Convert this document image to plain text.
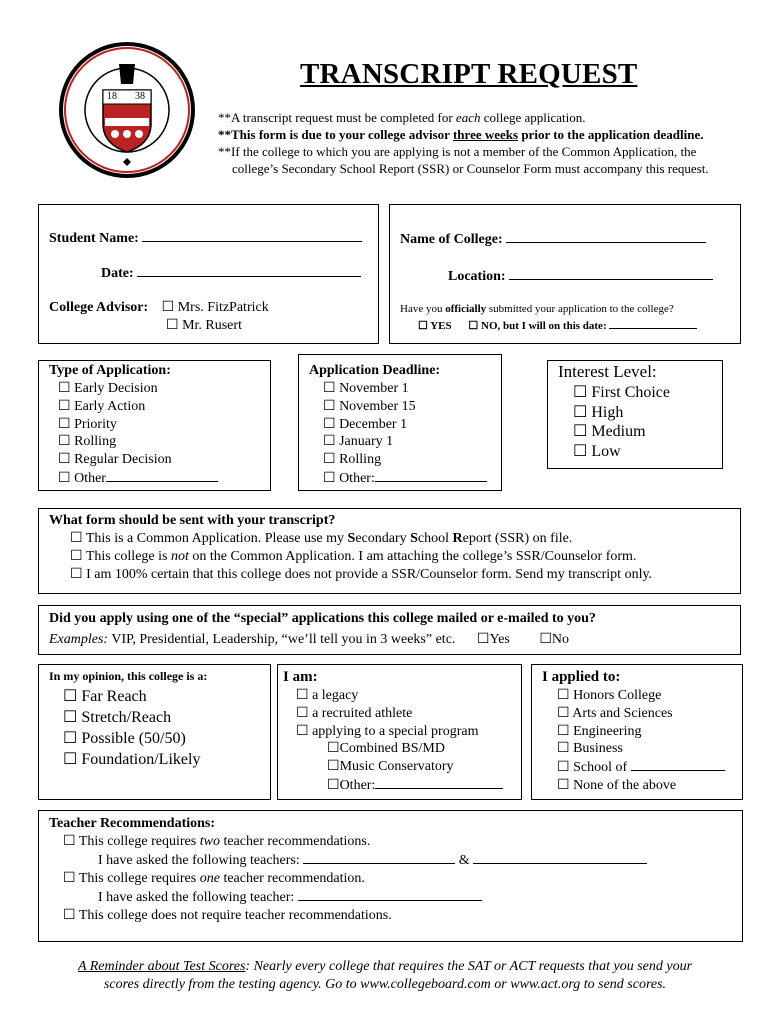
18 38
TRANSCRIPT REQUEST
**A transcript request must be completed for each college application.
**This form is due to your college advisor three weeks prior to the application deadline.
**If the college to which you are applying is not a member of the Common Application, the
college’s Secondary School Report (SSR) or Counselor Form must accompany this request.
Student Name:
Date:
College Advisor: ☐ Mrs. FitzPatrick
☐ Mr. Rusert
Name of College:
Location:
Have you officially submitted your application to the college?
☐ YES ☐ NO, but I will on this date:
Type of Application:
☐ Early Decision
☐ Early Action
☐ Priority
☐ Rolling
☐ Regular Decision
☐ Other
Application Deadline:
☐ November 1
☐ November 15
☐ December 1
☐ January 1
☐ Rolling
☐ Other:
Interest Level:
☐ First Choice
☐ High
☐ Medium
☐ Low
What form should be sent with your transcript?
☐ This is a Common Application. Please use my Secondary School Report (SSR) on file.
☐ This college is not on the Common Application. I am attaching the college’s SSR/Counselor form.
☐ I am 100% certain that this college does not provide a SSR/Counselor form. Send my transcript only.
Did you apply using one of the “special” applications this college mailed or e-mailed to you?
Examples: VIP, Presidential, Leadership, “we’ll tell you in 3 weeks” etc. ☐Yes ☐No
In my opinion, this college is a:
☐ Far Reach
☐ Stretch/Reach
☐ Possible (50/50)
☐ Foundation/Likely
I am:
☐ a legacy
☐ a recruited athlete
☐ applying to a special program
☐Combined BS/MD
☐Music Conservatory
☐Other:
I applied to:
☐ Honors College
☐ Arts and Sciences
☐ Engineering
☐ Business
☐ School of
☐ None of the above
Teacher Recommendations:
☐ This college requires two teacher recommendations.
I have asked the following teachers:	&
☐ This college requires one teacher recommendation.
I have asked the following teacher:
☐ This college does not require teacher recommendations.
A Reminder about Test Scores: Nearly every college that requires the SAT or ACT requests that you send your
scores directly from the testing agency. Go to www.collegeboard.com or www.act.org to send scores.
